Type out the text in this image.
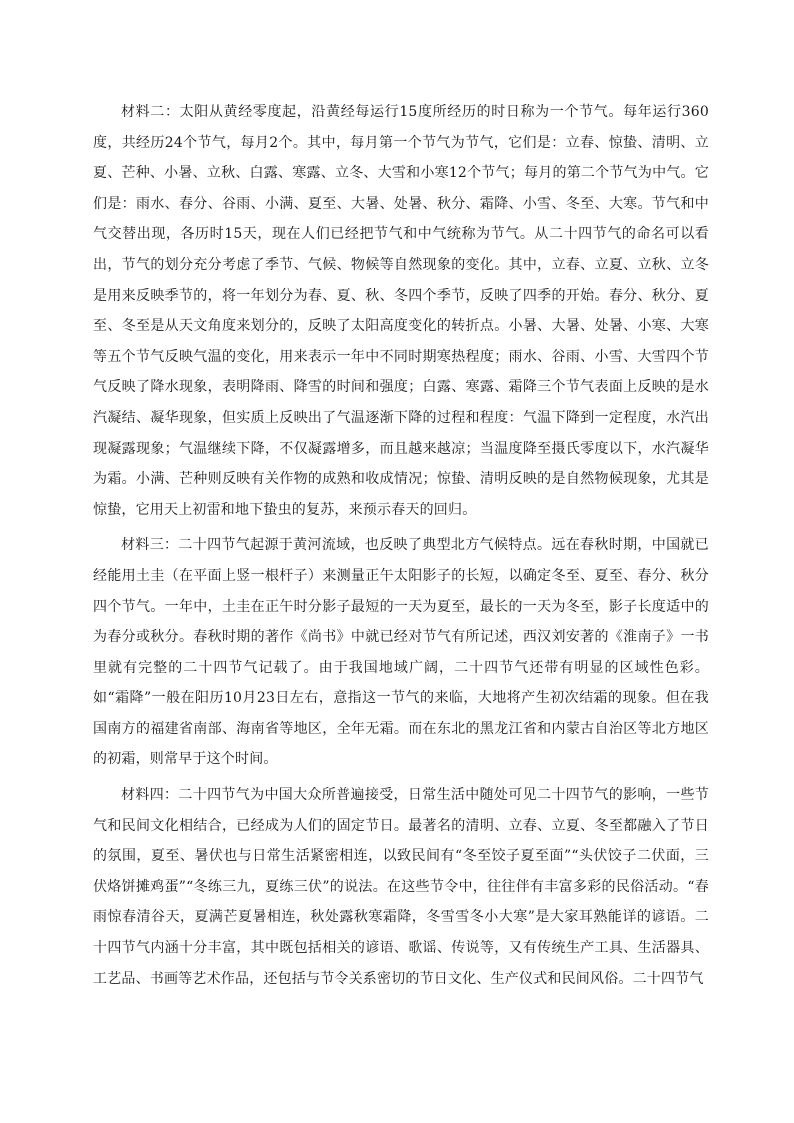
材料二：太阳从黄经零度起，沿黄经每运行15度所经历的时日称为一个节气。每年运行360度，共经历24个节气，每月2个。其中，每月第一个节气为节气，它们是：立春、惊蛰、清明、立夏、芒种、小暑、立秋、白露、寒露、立冬、大雪和小寒12个节气；每月的第二个节气为中气。它们是：雨水、春分、谷雨、小满、夏至、大暑、处暑、秋分、霜降、小雪、冬至、大寒。节气和中气交替出现，各历时15天，现在人们已经把节气和中气统称为节气。从二十四节气的命名可以看出，节气的划分充分考虑了季节、气候、物候等自然现象的变化。其中，立春、立夏、立秋、立冬是用来反映季节的，将一年划分为春、夏、秋、冬四个季节，反映了四季的开始。春分、秋分、夏至、冬至是从天文角度来划分的，反映了太阳高度变化的转折点。小暑、大暑、处暑、小寒、大寒等五个节气反映气温的变化，用来表示一年中不同时期寒热程度；雨水、谷雨、小雪、大雪四个节气反映了降水现象，表明降雨、降雪的时间和强度；白露、寒露、霜降三个节气表面上反映的是水汽凝结、凝华现象，但实质上反映出了气温逐渐下降的过程和程度：气温下降到一定程度，水汽出现凝露现象；气温继续下降，不仅凝露增多，而且越来越凉；当温度降至摄氏零度以下，水汽凝华为霜。小满、芒种则反映有关作物的成熟和收成情况；惊蛰、清明反映的是自然物候现象，尤其是惊蛰，它用天上初雷和地下蛰虫的复苏，来预示春天的回归。

材料三：二十四节气起源于黄河流域，也反映了典型北方气候特点。远在春秋时期，中国就已经能用土圭（在平面上竖一根杆子）来测量正午太阳影子的长短，以确定冬至、夏至、春分、秋分四个节气。一年中，土圭在正午时分影子最短的一天为夏至，最长的一天为冬至，影子长度适中的为春分或秋分。春秋时期的著作《尚书》中就已经对节气有所记述，西汉刘安著的《淮南子》一书里就有完整的二十四节气记载了。由于我国地域广阔，二十四节气还带有明显的区域性色彩。如“霜降”一般在阳历10月23日左右，意指这一节气的来临，大地将产生初次结霜的现象。但在我国南方的福建省南部、海南省等地区，全年无霜。而在东北的黑龙江省和内蒙古自治区等北方地区的初霜，则常早于这个时间。

材料四：二十四节气为中国大众所普遍接受，日常生活中随处可见二十四节气的影响，一些节气和民间文化相结合，已经成为人们的固定节日。最著名的清明、立春、立夏、冬至都融入了节日的氛围，夏至、暑伏也与日常生活紧密相连，以致民间有“冬至饺子夏至面”“头伏饺子二伏面，三伏烙饼摊鸡蛋”“冬练三九，夏练三伏”的说法。在这些节令中，往往伴有丰富多彩的民俗活动。“春雨惊春清谷天，夏满芒夏暑相连，秋处露秋寒霜降，冬雪雪冬小大寒”是大家耳熟能详的谚语。二十四节气内涵十分丰富，其中既包括相关的谚语、歌谣、传说等，又有传统生产工具、生活器具、工艺品、书画等艺术作品，还包括与节令关系密切的节日文化、生产仪式和民间风俗。二十四节气
